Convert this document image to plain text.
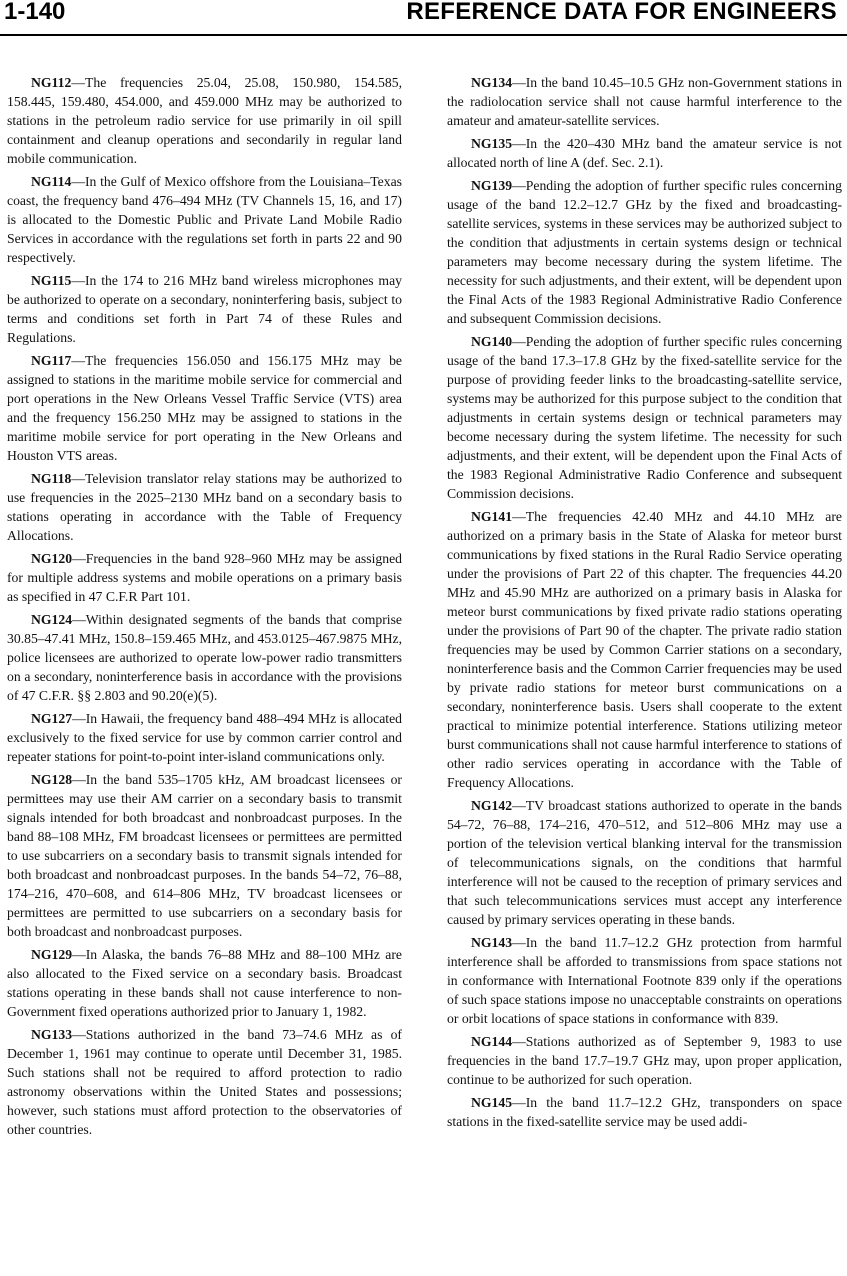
1-140	REFERENCE DATA FOR ENGINEERS

NG112—The frequencies 25.04, 25.08, 150.980, 154.585, 158.445, 159.480, 454.000, and 459.000 MHz may be authorized to stations in the petroleum radio service for use primarily in oil spill containment and cleanup operations and secondarily in regular land mobile communication.

NG114—In the Gulf of Mexico offshore from the Louisiana–Texas coast, the frequency band 476–494 MHz (TV Channels 15, 16, and 17) is allocated to the Domestic Public and Private Land Mobile Radio Services in accordance with the regulations set forth in parts 22 and 90 respectively.

NG115—In the 174 to 216 MHz band wireless microphones may be authorized to operate on a secondary, noninterfering basis, subject to terms and conditions set forth in Part 74 of these Rules and Regulations.

NG117—The frequencies 156.050 and 156.175 MHz may be assigned to stations in the maritime mobile service for commercial and port operations in the New Orleans Vessel Traffic Service (VTS) area and the frequency 156.250 MHz may be assigned to stations in the maritime mobile service for port operating in the New Orleans and Houston VTS areas.

NG118—Television translator relay stations may be authorized to use frequencies in the 2025–2130 MHz band on a secondary basis to stations operating in accordance with the Table of Frequency Allocations.

NG120—Frequencies in the band 928–960 MHz may be assigned for multiple address systems and mobile operations on a primary basis as specified in 47 C.F.R Part 101.

NG124—Within designated segments of the bands that comprise 30.85–47.41 MHz, 150.8–159.465 MHz, and 453.0125–467.9875 MHz, police licensees are authorized to operate low-power radio transmitters on a secondary, noninterference basis in accordance with the provisions of 47 C.F.R. §§ 2.803 and 90.20(e)(5).

NG127—In Hawaii, the frequency band 488–494 MHz is allocated exclusively to the fixed service for use by common carrier control and repeater stations for point-to-point inter-island communications only.

NG128—In the band 535–1705 kHz, AM broadcast licensees or permittees may use their AM carrier on a secondary basis to transmit signals intended for both broadcast and nonbroadcast purposes. In the band 88–108 MHz, FM broadcast licensees or permittees are permitted to use subcarriers on a secondary basis to transmit signals intended for both broadcast and nonbroadcast purposes. In the bands 54–72, 76–88, 174–216, 470–608, and 614–806 MHz, TV broadcast licensees or permittees are permitted to use subcarriers on a secondary basis for both broadcast and nonbroadcast purposes.

NG129—In Alaska, the bands 76–88 MHz and 88–100 MHz are also allocated to the Fixed service on a secondary basis. Broadcast stations operating in these bands shall not cause interference to non-Government fixed operations authorized prior to January 1, 1982.

NG133—Stations authorized in the band 73–74.6 MHz as of December 1, 1961 may continue to operate until December 31, 1985. Such stations shall not be required to afford protection to radio astronomy observations within the United States and possessions; however, such stations must afford protection to the observatories of other countries.

NG134—In the band 10.45–10.5 GHz non-Government stations in the radiolocation service shall not cause harmful interference to the amateur and amateur-satellite services.

NG135—In the 420–430 MHz band the amateur service is not allocated north of line A (def. Sec. 2.1).

NG139—Pending the adoption of further specific rules concerning usage of the band 12.2–12.7 GHz by the fixed and broadcasting-satellite services, systems in these services may be authorized subject to the condition that adjustments in certain systems design or technical parameters may become necessary during the system lifetime. The necessity for such adjustments, and their extent, will be dependent upon the Final Acts of the 1983 Regional Administrative Radio Conference and subsequent Commission decisions.

NG140—Pending the adoption of further specific rules concerning usage of the band 17.3–17.8 GHz by the fixed-satellite service for the purpose of providing feeder links to the broadcasting-satellite service, systems may be authorized for this purpose subject to the condition that adjustments in certain systems design or technical parameters may become necessary during the system lifetime. The necessity for such adjustments, and their extent, will be dependent upon the Final Acts of the 1983 Regional Administrative Radio Conference and subsequent Commission decisions.

NG141—The frequencies 42.40 MHz and 44.10 MHz are authorized on a primary basis in the State of Alaska for meteor burst communications by fixed stations in the Rural Radio Service operating under the provisions of Part 22 of this chapter. The frequencies 44.20 MHz and 45.90 MHz are authorized on a primary basis in Alaska for meteor burst communications by fixed private radio stations operating under the provisions of Part 90 of the chapter. The private radio station frequencies may be used by Common Carrier stations on a secondary, noninterference basis and the Common Carrier frequencies may be used by private radio stations for meteor burst communications on a secondary, noninterference basis. Users shall cooperate to the extent practical to minimize potential interference. Stations utilizing meteor burst communications shall not cause harmful interference to stations of other radio services operating in accordance with the Table of Frequency Allocations.

NG142—TV broadcast stations authorized to operate in the bands 54–72, 76–88, 174–216, 470–512, and 512–806 MHz may use a portion of the television vertical blanking interval for the transmission of telecommunications signals, on the conditions that harmful interference will not be caused to the reception of primary services and that such telecommunications services must accept any interference caused by primary services operating in these bands.

NG143—In the band 11.7–12.2 GHz protection from harmful interference shall be afforded to transmissions from space stations not in conformance with International Footnote 839 only if the operations of such space stations impose no unacceptable constraints on operations or orbit locations of space stations in conformance with 839.

NG144—Stations authorized as of September 9, 1983 to use frequencies in the band 17.7–19.7 GHz may, upon proper application, continue to be authorized for such operation.

NG145—In the band 11.7–12.2 GHz, transponders on space stations in the fixed-satellite service may be used addi-
